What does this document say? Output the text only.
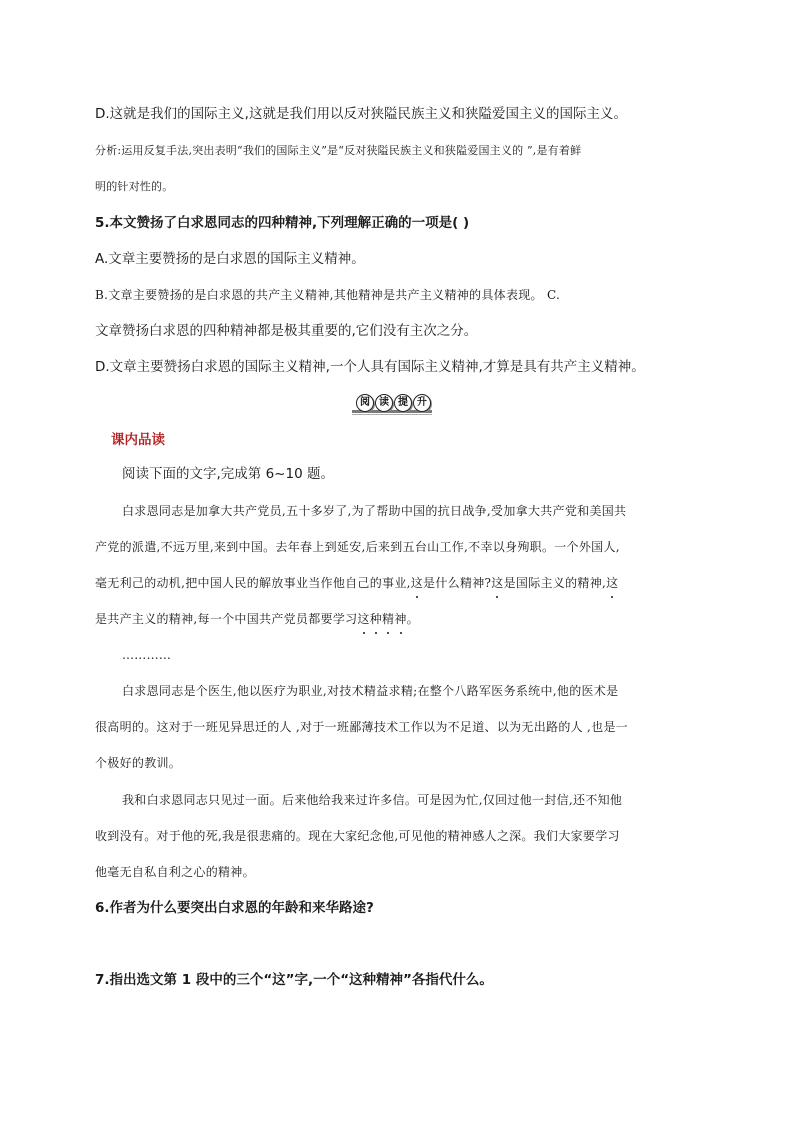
D.这就是我们的国际主义,这就是我们用以反对狭隘民族主义和狭隘爱国主义的国际主义。
分析:运用反复手法,突出表明“我们的国际主义”是“反对狭隘民族主义和狭隘爱国主义的 ”,是有着鲜
明的针对性的。
5.本文赞扬了白求恩同志的四种精神,下列理解正确的一项是( )
A.文章主要赞扬的是白求恩的国际主义精神。
B.文章主要赞扬的是白求恩的共产主义精神,其他精神是共产主义精神的具体表现。 C.
文章赞扬白求恩的四种精神都是极其重要的,它们没有主次之分。
D.文章主要赞扬白求恩的国际主义精神,一个人具有国际主义精神,才算是具有共产主义精神。
阅 读 提 升
课内品读
阅读下面的文字,完成第 6~10 题。
白求恩同志是加拿大共产党员,五十多岁了,为了帮助中国的抗日战争,受加拿大共产党和美国共
产党的派遣,不远万里,来到中国。去年春上到延安,后来到五台山工作,不幸以身殉职。一个外国人,
毫无利己的动机,把中国人民的解放事业当作他自己的事业,这是什么精神?这是国际主义的精神,这
是共产主义的精神,每一个中国共产党员都要学习这种精神。
…………
白求恩同志是个医生,他以医疗为职业,对技术精益求精;在整个八路军医务系统中,他的医术是
很高明的。这对于一班见异思迁的人 ,对于一班鄙薄技术工作以为不足道、以为无出路的人 ,也是一
个极好的教训。
我和白求恩同志只见过一面。后来他给我来过许多信。可是因为忙,仅回过他一封信,还不知他
收到没有。对于他的死,我是很悲痛的。现在大家纪念他,可见他的精神感人之深。我们大家要学习
他毫无自私自利之心的精神。
6.作者为什么要突出白求恩的年龄和来华路途?
7.指出选文第 1 段中的三个“这”字,一个“这种精神”各指代什么。
